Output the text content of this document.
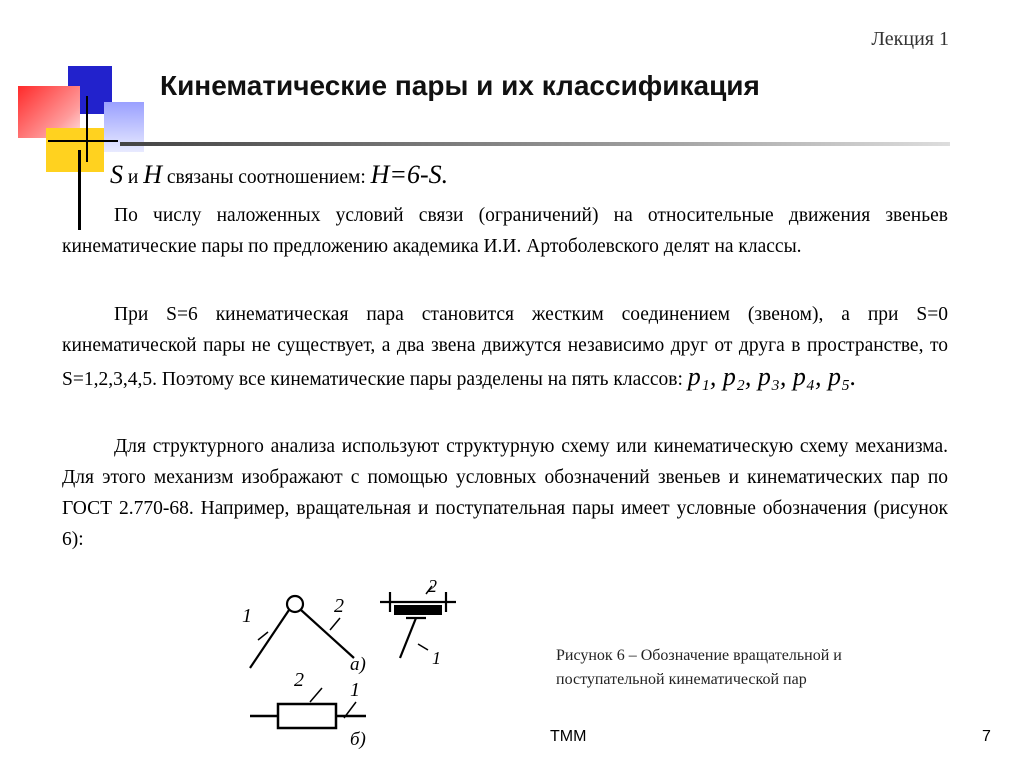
Лекция 1
Кинематические пары и их классификация
S и H связаны соотношением: H=6-S.
По числу наложенных условий связи (ограничений) на относительные движения звеньев кинематические пары по предложению академика И.И. Артоболевского делят на классы.
При S=6 кинематическая пара становится жестким соединением (звеном), а при S=0 кинематической пары не существует, а два звена движутся независимо друг от друга в пространстве, то S=1,2,3,4,5. Поэтому все кинематические пары разделены на пять классов: p₁, p₂, p₃, p₄, p₅.
Для структурного анализа используют структурную схему или кинематическую схему механизма. Для этого механизм изображают с помощью условных обозначений звеньев и кинематических пар по ГОСТ 2.770-68. Например, вращательная и поступательная пары имеет условные обозначения (рисунок 6):
1	2
а)
2
1
2 1
б)
Рисунок 6 – Обозначение вращательной и поступательной кинематической пар
ТММ	7
